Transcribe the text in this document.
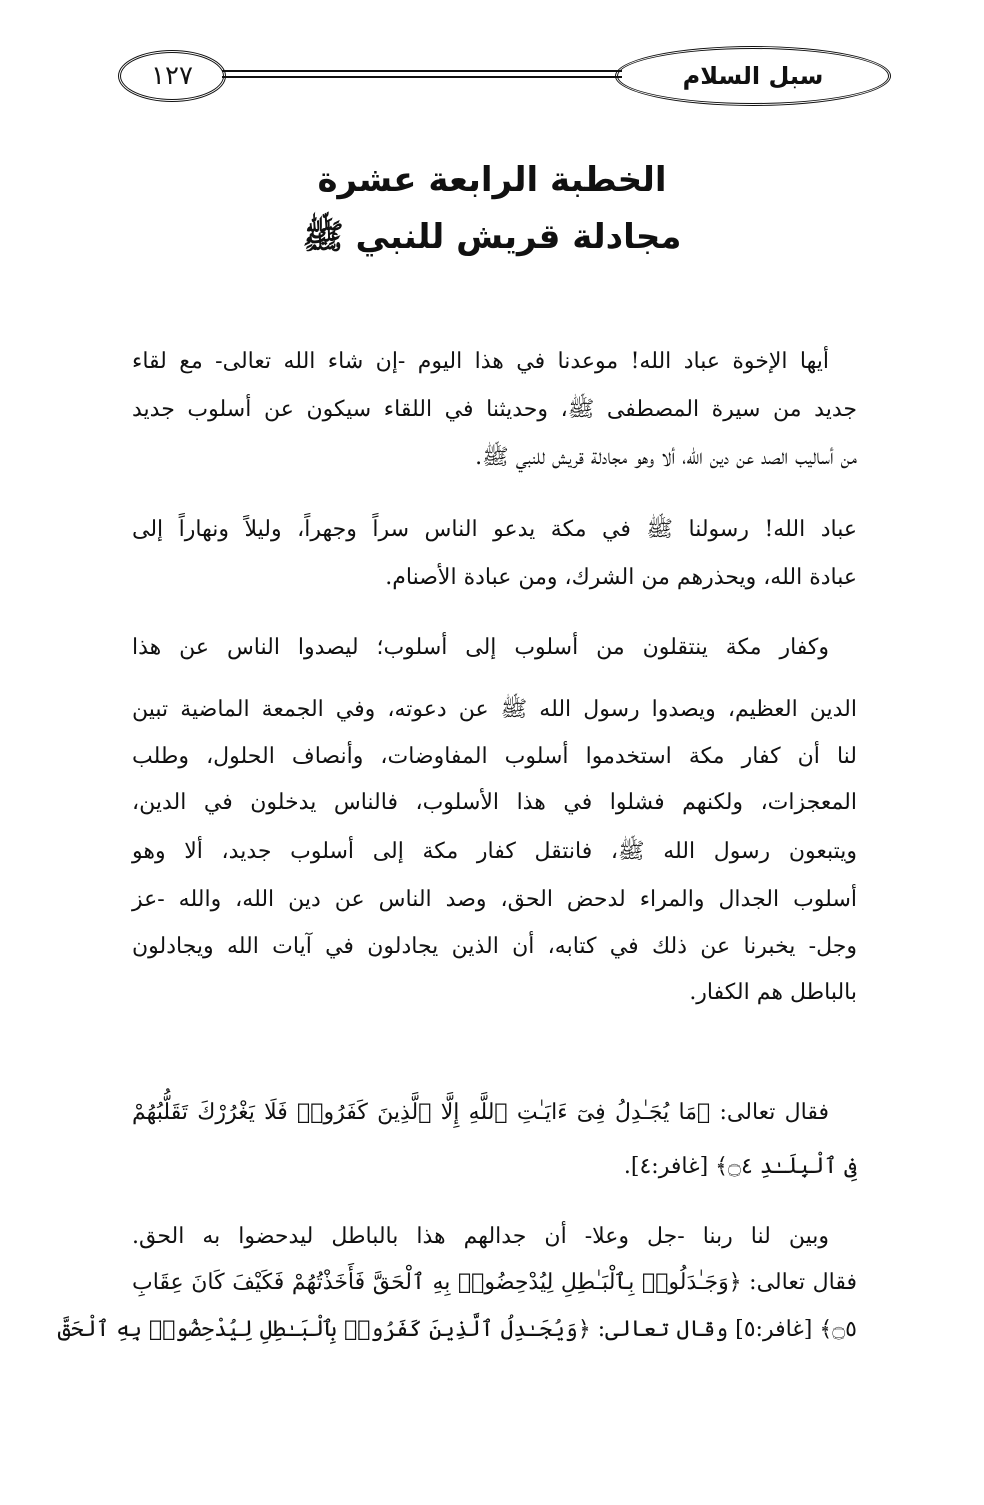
سبل السلام
١٢٧
الخطبة الرابعة عشرة
مجادلة قريش للنبي ﷺ
أيها الإخوة عباد الله! موعدنا في هذا اليوم -إن شاء الله تعالى- مع لقاء
جديد من سيرة المصطفى ﷺ، وحديثنا في اللقاء سيكون عن أسلوب جديد
من أساليب الصد عن دين الله، ألا وهو مجادلة قريش للنبي ﷺ.
عباد الله! رسولنا ﷺ في مكة يدعو الناس سراً وجهراً، وليلاً ونهاراً إلى
عبادة الله، ويحذرهم من الشرك، ومن عبادة الأصنام.
وكفار مكة ينتقلون من أسلوب إلى أسلوب؛ ليصدوا الناس عن هذا
الدين العظيم، ويصدوا رسول الله ﷺ عن دعوته، وفي الجمعة الماضية تبين
لنا أن كفار مكة استخدموا أسلوب المفاوضات، وأنصاف الحلول، وطلب
المعجزات، ولكنهم فشلوا في هذا الأسلوب، فالناس يدخلون في الدين،
ويتبعون رسول الله ﷺ، فانتقل كفار مكة إلى أسلوب جديد، ألا وهو
أسلوب الجدال والمراء لدحض الحق، وصد الناس عن دين الله، والله -عز
وجل- يخبرنا عن ذلك في كتابه، أن الذين يجادلون في آيات الله ويجادلون
بالباطل هم الكفار.
فقال تعالى: ﴿مَا يُجَـٰدِلُ فِىٓ ءَايَـٰتِ ٱللَّهِ إِلَّا ٱلَّذِينَ كَفَرُوا۟ فَلَا يَغْرُرْكَ تَقَلُّبُهُمْ
فِى ٱلْبِلَـٰدِ ۝٤﴾ [غافر:٤].
وبين لنا ربنا -جل وعلا- أن جدالهم هذا بالباطل ليدحضوا به الحق.
فقال تعالى: ﴿وَجَـٰدَلُوا۟ بِٱلْبَـٰطِلِ لِيُدْحِضُوا۟ بِهِ ٱلْحَقَّ فَأَخَذْتُهُمْ فَكَيْفَ كَانَ عِقَابِ
۝٥﴾ [غافر:٥] وقال تعالى: ﴿وَيُجَـٰدِلُ ٱلَّذِينَ كَفَرُوا۟ بِٱلْبَـٰطِلِ لِيُدْحِضُوا۟ بِهِ ٱلْحَقَّ
